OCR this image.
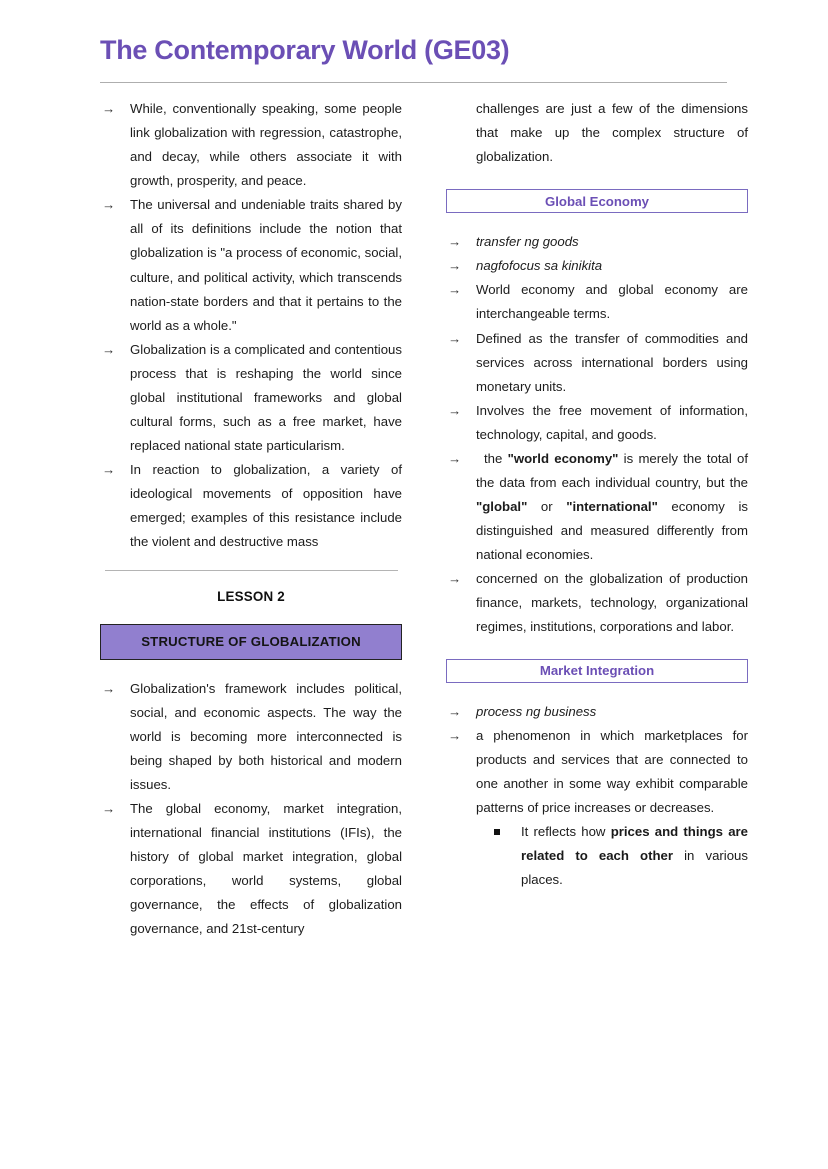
The Contemporary World (GE03)
→ While, conventionally speaking, some people link globalization with regression, catastrophe, and decay, while others associate it with growth, prosperity, and peace.
→ The universal and undeniable traits shared by all of its definitions include the notion that globalization is "a process of economic, social, culture, and political activity, which transcends nation-state borders and that it pertains to the world as a whole."
→ Globalization is a complicated and contentious process that is reshaping the world since global institutional frameworks and global cultural forms, such as a free market, have replaced national state particularism.
→ In reaction to globalization, a variety of ideological movements of opposition have emerged; examples of this resistance include the violent and destructive mass
LESSON 2
STRUCTURE OF GLOBALIZATION
→ Globalization's framework includes political, social, and economic aspects. The way the world is becoming more interconnected is being shaped by both historical and modern issues.
→ The global economy, market integration, international financial institutions (IFIs), the history of global market integration, global corporations, world systems, global governance, the effects of globalization governance, and 21st-century
challenges are just a few of the dimensions that make up the complex structure of globalization.
Global Economy
→ transfer ng goods
→ nagfofocus sa kinikita
→ World economy and global economy are interchangeable terms.
→ Defined as the transfer of commodities and services across international borders using monetary units.
→ Involves the free movement of information, technology, capital, and goods.
→ the "world economy" is merely the total of the data from each individual country, but the "global" or "international" economy is distinguished and measured differently from national economies.
→ concerned on the globalization of production finance, markets, technology, organizational regimes, institutions, corporations and labor.
Market Integration
→ process ng business
→ a phenomenon in which marketplaces for products and services that are connected to one another in some way exhibit comparable patterns of price increases or decreases.
It reflects how prices and things are related to each other in various places.
